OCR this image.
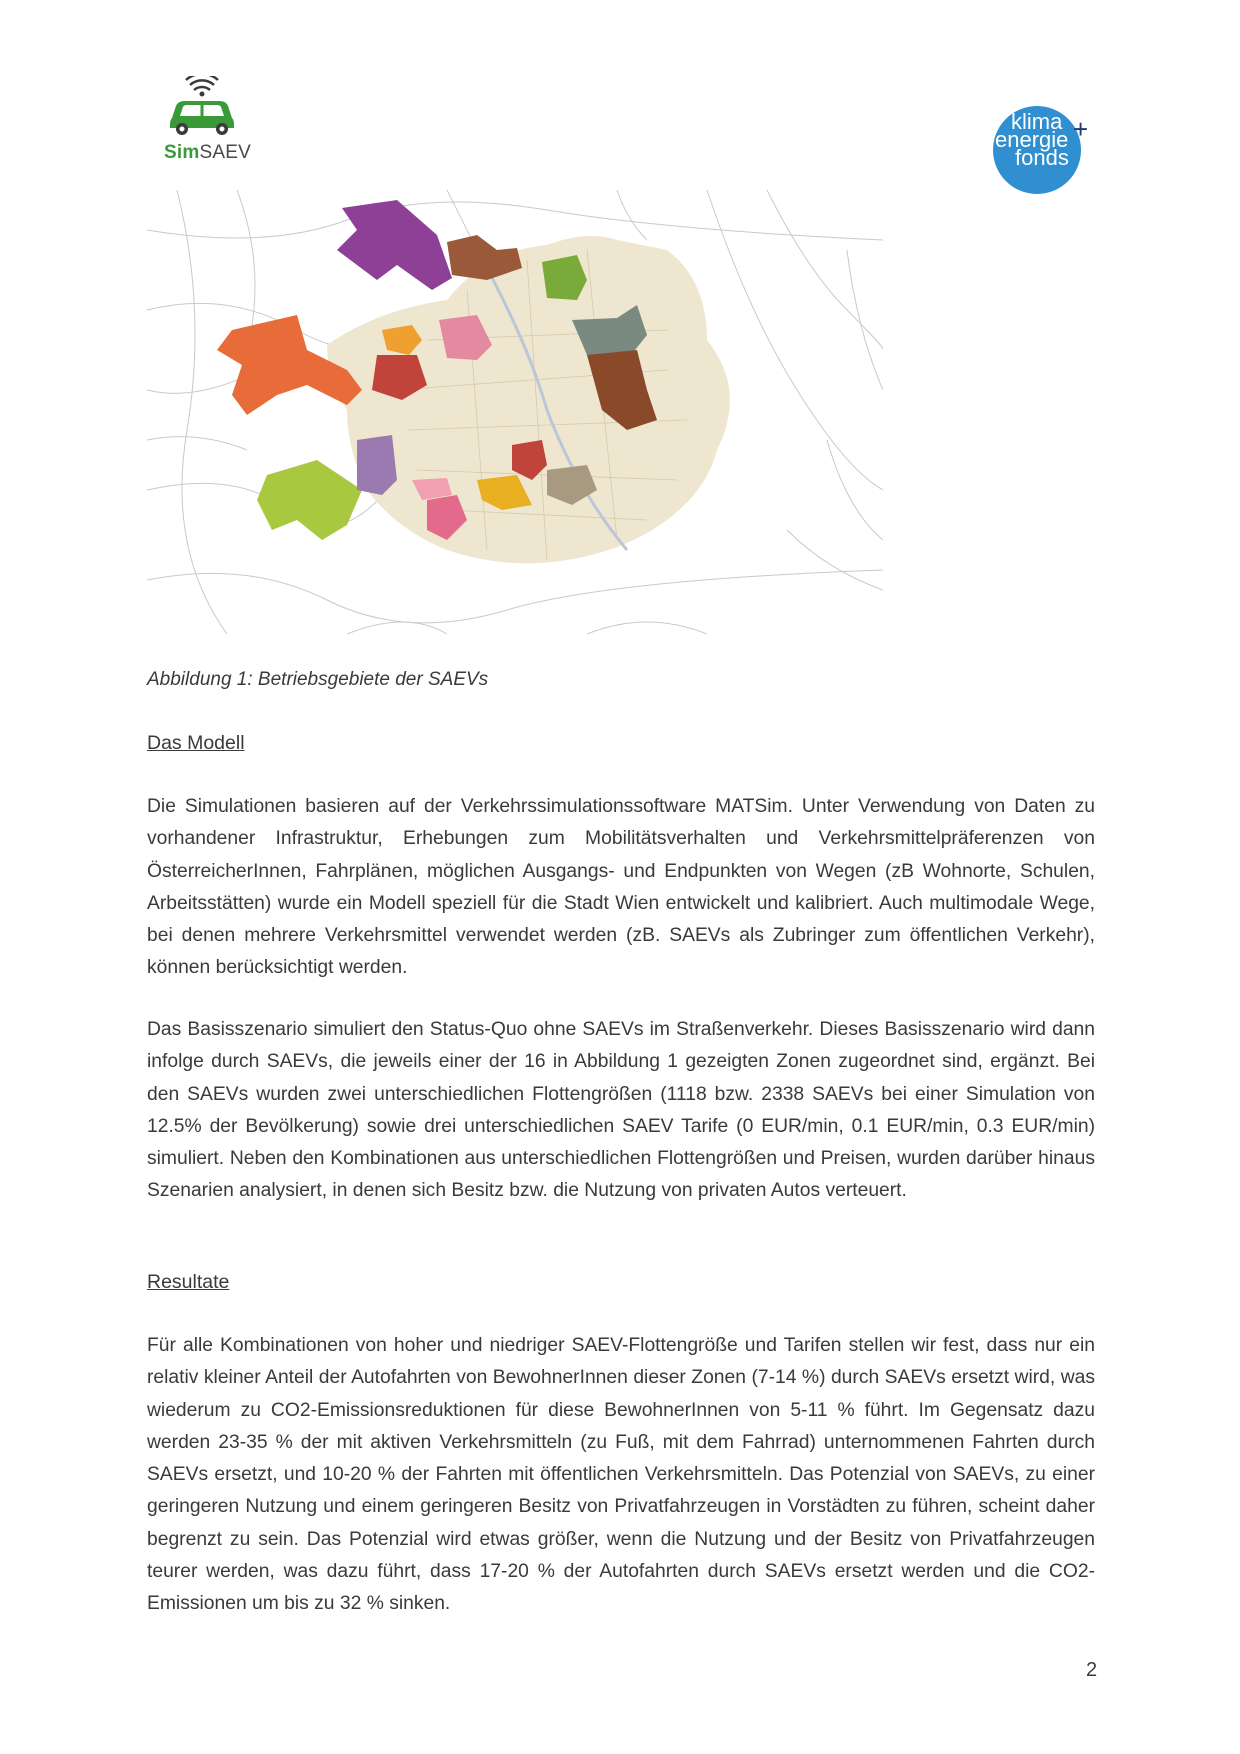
SimSAEV
klima
energie
fonds
+
Abbildung 1: Betriebsgebiete der SAEVs
Das Modell

Die Simulationen basieren auf der Verkehrssimulationssoftware MATSim. Unter Verwendung von Daten zu vorhandener Infrastruktur, Erhebungen zum Mobilitätsverhalten und Verkehrsmittelpräferenzen von ÖsterreicherInnen, Fahrplänen, möglichen Ausgangs- und Endpunkten von Wegen (zB Wohnorte, Schulen, Arbeitsstätten) wurde ein Modell speziell für die Stadt Wien entwickelt und kalibriert. Auch multimodale Wege, bei denen mehrere Verkehrsmittel verwendet werden (zB. SAEVs als Zubringer zum öffentlichen Verkehr), können berücksichtigt werden.

Das Basisszenario simuliert den Status-Quo ohne SAEVs im Straßenverkehr. Dieses Basisszenario wird dann infolge durch SAEVs, die jeweils einer der 16 in Abbildung 1 gezeigten Zonen zugeordnet sind, ergänzt. Bei den SAEVs wurden zwei unterschiedlichen Flottengrößen (1118 bzw. 2338 SAEVs bei einer Simulation von 12.5% der Bevölkerung) sowie drei unterschiedlichen SAEV Tarife (0 EUR/min, 0.1 EUR/min, 0.3 EUR/min) simuliert. Neben den Kombinationen aus unterschiedlichen Flottengrößen und Preisen, wurden darüber hinaus Szenarien analysiert, in denen sich Besitz bzw. die Nutzung von privaten Autos verteuert.

Resultate

Für alle Kombinationen von hoher und niedriger SAEV-Flottengröße und Tarifen stellen wir fest, dass nur ein relativ kleiner Anteil der Autofahrten von BewohnerInnen dieser Zonen (7-14 %) durch SAEVs ersetzt wird, was wiederum zu CO2-Emissionsreduktionen für diese BewohnerInnen von 5-11 % führt. Im Gegensatz dazu werden 23-35 % der mit aktiven Verkehrsmitteln (zu Fuß, mit dem Fahrrad) unternommenen Fahrten durch SAEVs ersetzt, und 10-20 % der Fahrten mit öffentlichen Verkehrsmitteln. Das Potenzial von SAEVs, zu einer geringeren Nutzung und einem geringeren Besitz von Privatfahrzeugen in Vorstädten zu führen, scheint daher begrenzt zu sein. Das Potenzial wird etwas größer, wenn die Nutzung und der Besitz von Privatfahrzeugen teurer werden, was dazu führt, dass 17-20 % der Autofahrten durch SAEVs ersetzt werden und die CO2-Emissionen um bis zu 32 % sinken.

2
